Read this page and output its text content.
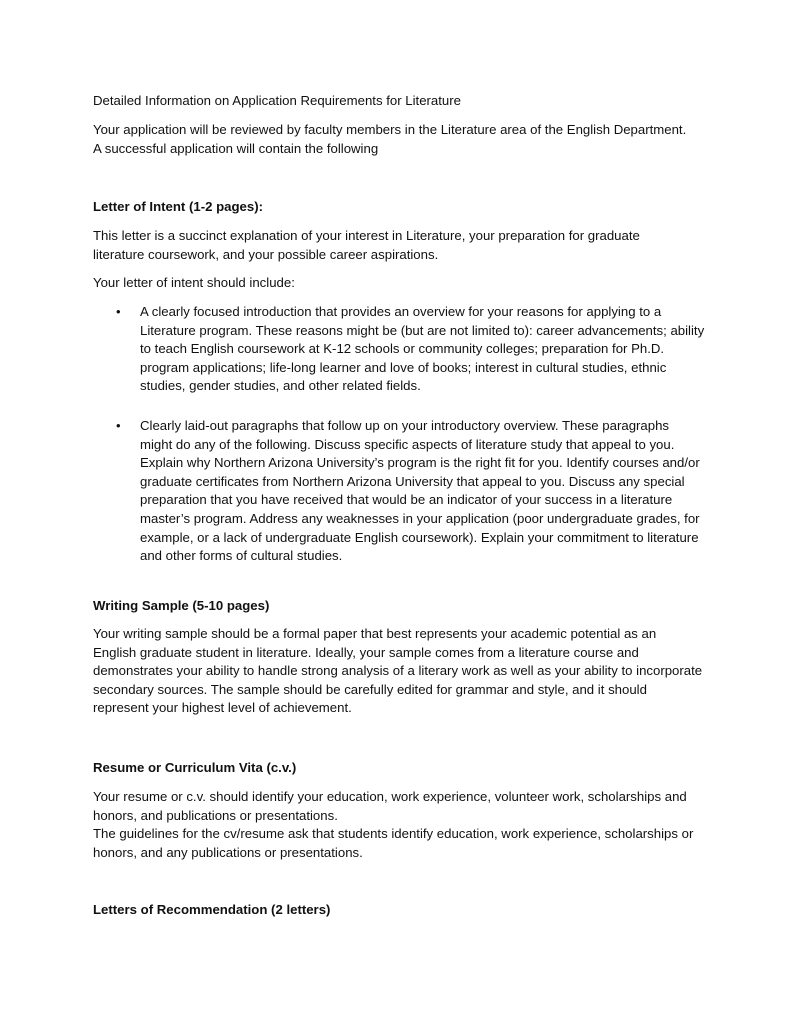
Detailed Information on Application Requirements for Literature

Your application will be reviewed by faculty members in the Literature area of the English Department.

A successful application will contain the following

Letter of Intent (1-2 pages):

This letter is a succinct explanation of your interest in Literature, your preparation for graduate literature coursework, and your possible career aspirations.

Your letter of intent should include:

• A clearly focused introduction that provides an overview for your reasons for applying to a Literature program. These reasons might be (but are not limited to): career advancements; ability to teach English coursework at K-12 schools or community colleges; preparation for Ph.D. program applications; life-long learner and love of books; interest in cultural studies, ethnic studies, gender studies, and other related fields.

• Clearly laid-out paragraphs that follow up on your introductory overview. These paragraphs might do any of the following. Discuss specific aspects of literature study that appeal to you. Explain why Northern Arizona University’s program is the right fit for you. Identify courses and/or graduate certificates from Northern Arizona University that appeal to you. Discuss any special preparation that you have received that would be an indicator of your success in a literature master’s program. Address any weaknesses in your application (poor undergraduate grades, for example, or a lack of undergraduate English coursework). Explain your commitment to literature and other forms of cultural studies.

Writing Sample (5-10 pages)

Your writing sample should be a formal paper that best represents your academic potential as an English graduate student in literature. Ideally, your sample comes from a literature course and demonstrates your ability to handle strong analysis of a literary work as well as your ability to incorporate secondary sources. The sample should be carefully edited for grammar and style, and it should represent your highest level of achievement.

Resume or Curriculum Vita (c.v.)

Your resume or c.v. should identify your education, work experience, volunteer work, scholarships and honors, and publications or presentations.

The guidelines for the cv/resume ask that students identify education, work experience, scholarships or honors, and any publications or presentations.

Letters of Recommendation (2 letters)
